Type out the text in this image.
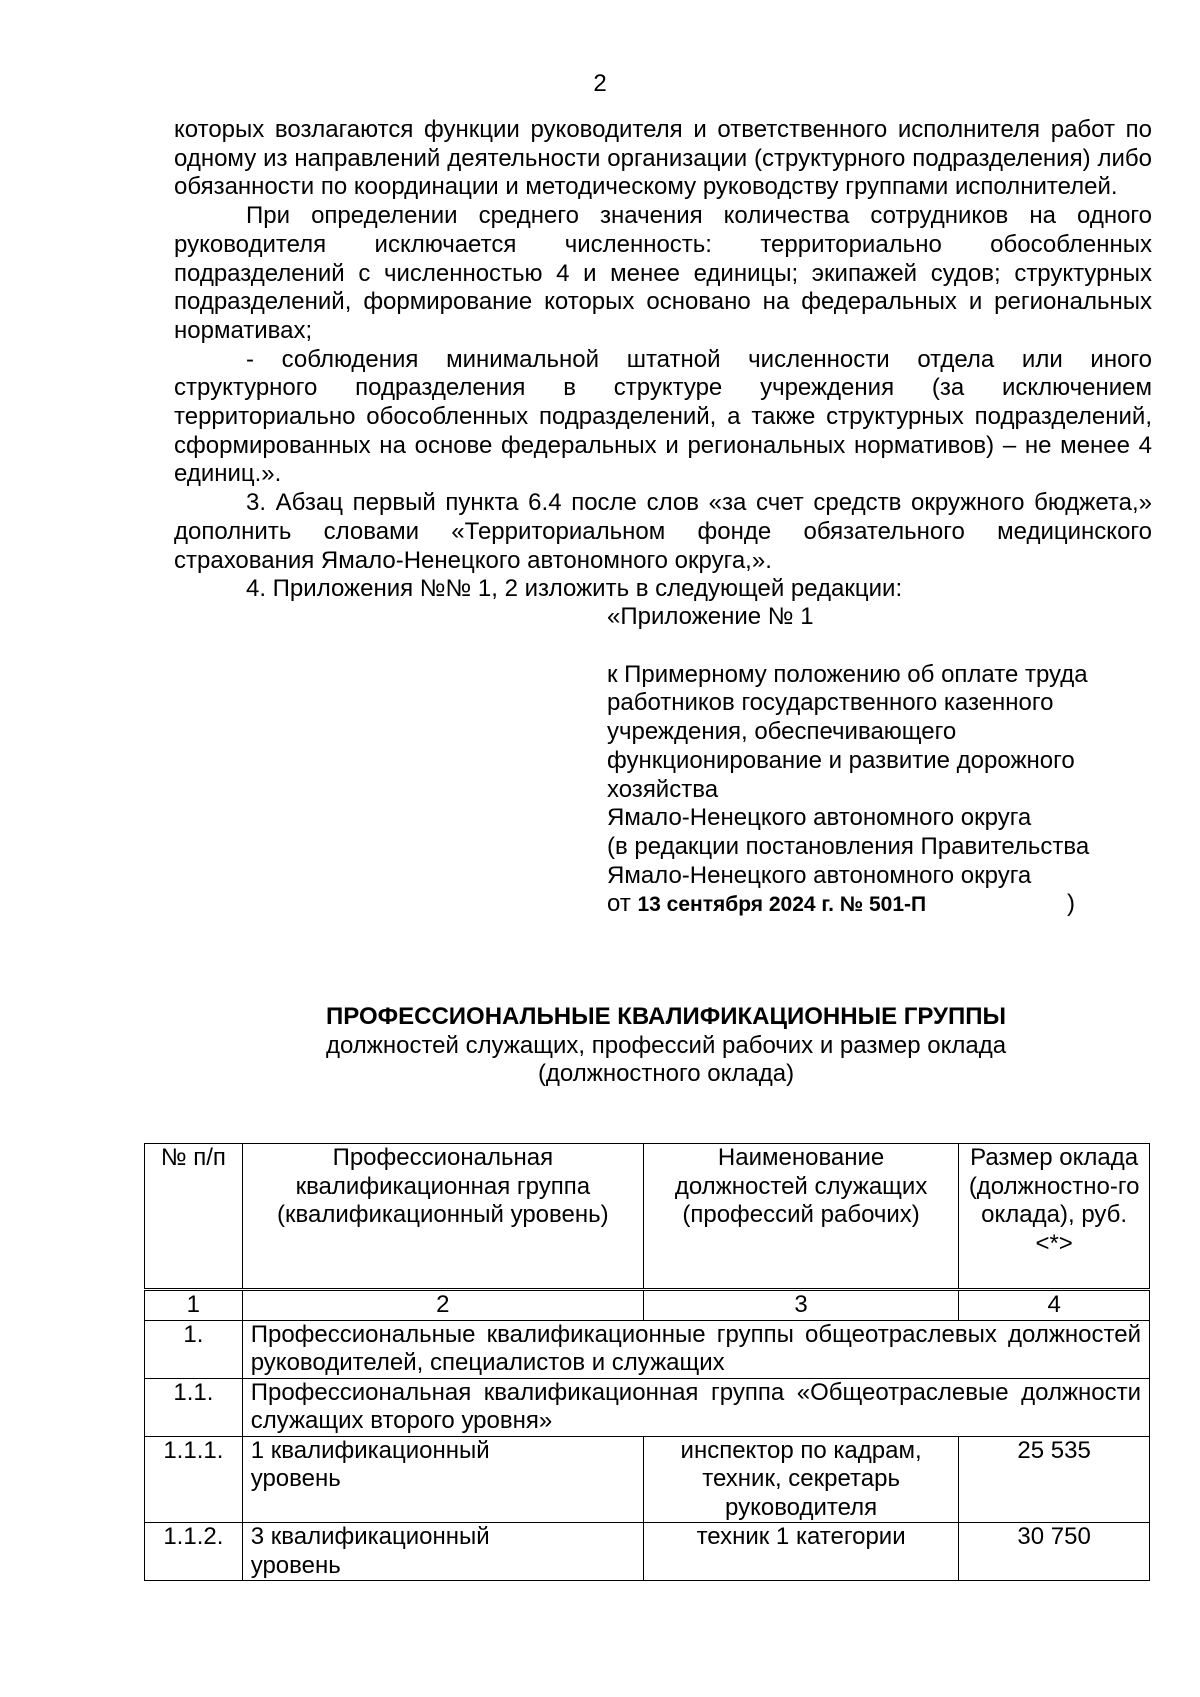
2

которых возлагаются функции руководителя и ответственного исполнителя работ по одному из направлений деятельности организации (структурного подразделения) либо обязанности по координации и методическому руководству группами исполнителей.

При определении среднего значения количества сотрудников на одного руководителя исключается численность: территориально обособленных подразделений с численностью 4 и менее единицы; экипажей судов; структурных подразделений, формирование которых основано на федеральных и региональных нормативах;

- соблюдения минимальной штатной численности отдела или иного структурного подразделения в структуре учреждения (за исключением территориально обособленных подразделений, а также структурных подразделений, сформированных на основе федеральных и региональных нормативов) – не менее 4 единиц.».

3. Абзац первый пункта 6.4 после слов «за счет средств окружного бюджета,» дополнить словами «Территориальном фонде обязательного медицинского страхования Ямало-Ненецкого автономного округа,».

4. Приложения №№ 1, 2 изложить в следующей редакции:

«Приложение № 1
к Примерному положению об оплате труда
работников государственного казенного
учреждения, обеспечивающего
функционирование и развитие дорожного
хозяйства
Ямало-Ненецкого автономного округа
(в редакции постановления Правительства
Ямало-Ненецкого автономного округа
от 13 сентября 2024 г. № 501-П	)
ПРОФЕССИОНАЛЬНЫЕ КВАЛИФИКАЦИОННЫЕ ГРУППЫ
должностей служащих, профессий рабочих и размер оклада
(должностного оклада)
№ п/п	Профессиональная квалификационная группа (квалификационный уровень)	Наименование должностей служащих (профессий рабочих)	Размер оклада (должностно-го оклада), руб. <*>
1	2	3	4
1.	Профессиональные квалификационные группы общеотраслевых должностей руководителей, специалистов и служащих		
1.1.	Профессиональная квалификационная группа «Общеотраслевые должности служащих второго уровня»		
1.1.1.	1 квалификационный уровень	инспектор по кадрам, техник, секретарь руководителя	25 535
1.1.2.	3 квалификационный уровень	техник 1 категории	30 750
